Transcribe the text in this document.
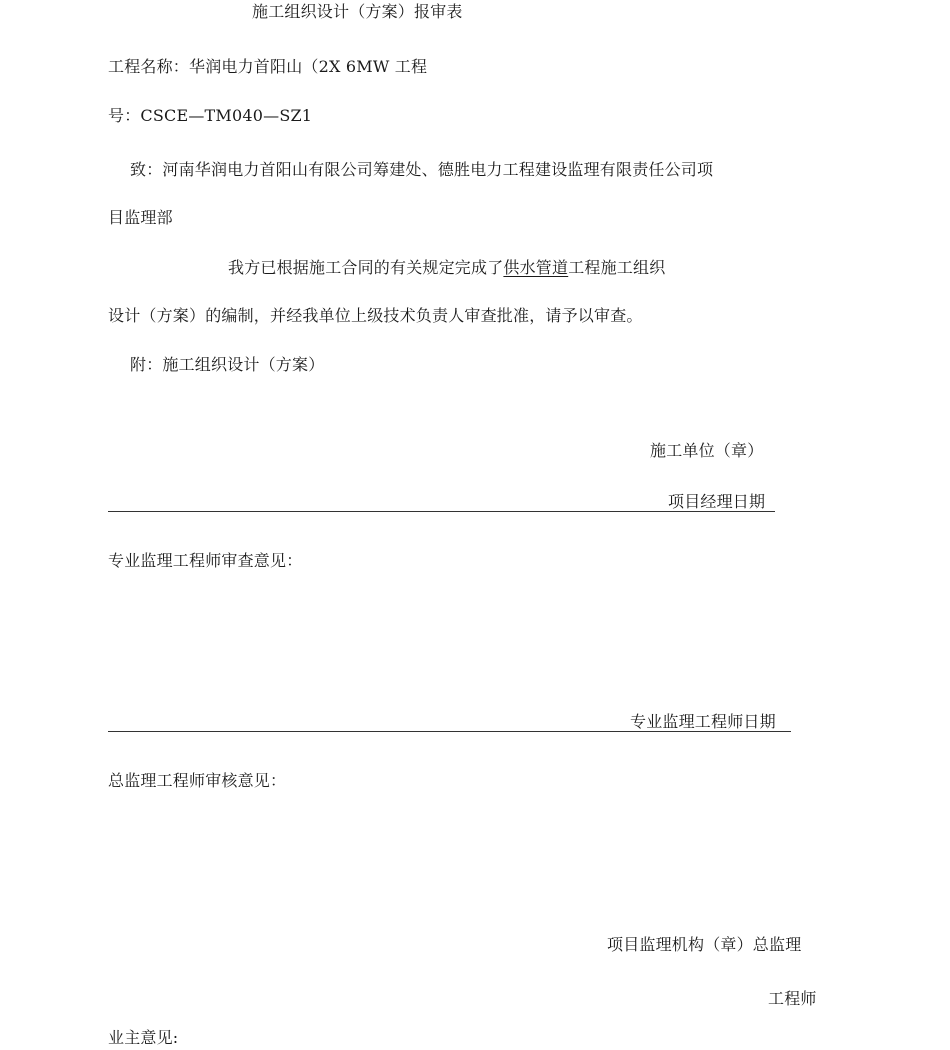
施工组织设计（方案）报审表
工程名称：华润电力首阳山（2X 6MW 工程
号：CSCE—TM040—SZ1
致：河南华润电力首阳山有限公司筹建处、德胜电力工程建设监理有限责任公司项
目监理部
我方已根据施工合同的有关规定完成了供水管道工程施工组织
设计（方案）的编制，并经我单位上级技术负责人审查批准，请予以审查。
附：施工组织设计（方案）
施工单位（章）
项目经理日期
专业监理工程师审查意见：
专业监理工程师日期
总监理工程师审核意见：
项目监理机构（章）总监理
工程师
业主意见:
